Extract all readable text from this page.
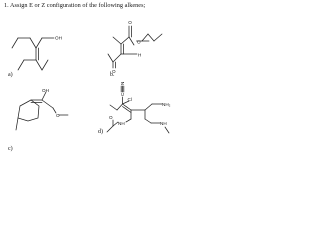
1. Assign E or Z configuration of the following alkenes;
a)	b.
c)
d)
OH
O
O
H
O
OH
O
N
C
Cl
NH₂
NH
O
NH
